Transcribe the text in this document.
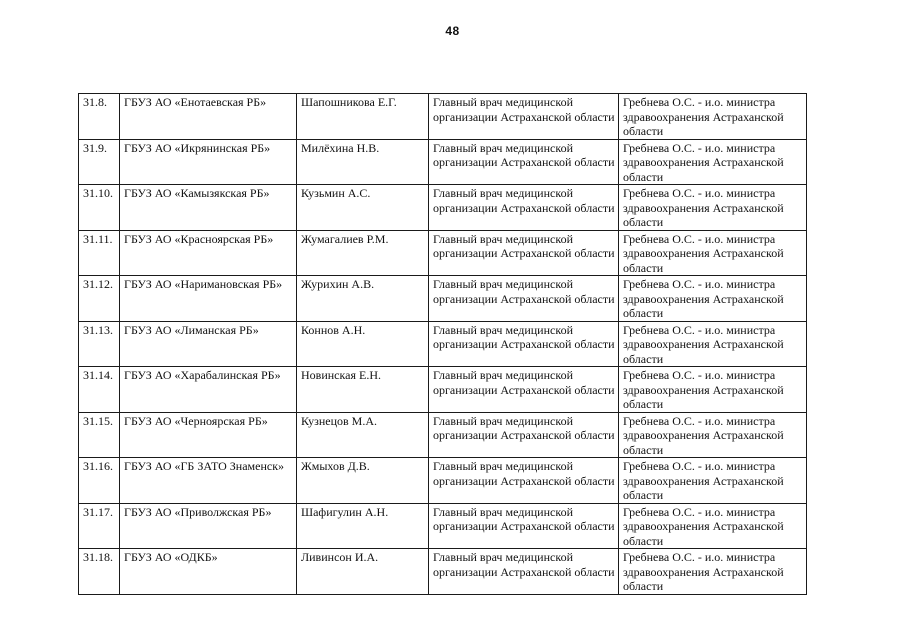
48
31.8.	ГБУЗ АО «Енотаевская РБ»	Шапошникова Е.Г.	Главный врач медицинской организации Астраханской области	Гребнева О.С. - и.о. министра здравоохранения Астраханской области
31.9.	ГБУЗ АО «Икрянинская РБ»	Милёхина Н.В.	Главный врач медицинской организации Астраханской области	Гребнева О.С. - и.о. министра здравоохранения Астраханской области
31.10.	ГБУЗ АО «Камызякская РБ»	Кузьмин А.С.	Главный врач медицинской организации Астраханской области	Гребнева О.С. - и.о. министра здравоохранения Астраханской области
31.11.	ГБУЗ АО «Красноярская РБ»	Жумагалиев Р.М.	Главный врач медицинской организации Астраханской области	Гребнева О.С. - и.о. министра здравоохранения Астраханской области
31.12.	ГБУЗ АО «Наримановская РБ»	Журихин А.В.	Главный врач медицинской организации Астраханской области	Гребнева О.С. - и.о. министра здравоохранения Астраханской области
31.13.	ГБУЗ АО «Лиманская РБ»	Коннов А.Н.	Главный врач медицинской организации Астраханской области	Гребнева О.С. - и.о. министра здравоохранения Астраханской области
31.14.	ГБУЗ АО «Харабалинская РБ»	Новинская Е.Н.	Главный врач медицинской организации Астраханской области	Гребнева О.С. - и.о. министра здравоохранения Астраханской области
31.15.	ГБУЗ АО «Черноярская РБ»	Кузнецов М.А.	Главный врач медицинской организации Астраханской области	Гребнева О.С. - и.о. министра здравоохранения Астраханской области
31.16.	ГБУЗ АО «ГБ ЗАТО Знаменск»	Жмыхов Д.В.	Главный врач медицинской организации Астраханской области	Гребнева О.С. - и.о. министра здравоохранения Астраханской области
31.17.	ГБУЗ АО «Приволжская РБ»	Шафигулин А.Н.	Главный врач медицинской организации Астраханской области	Гребнева О.С. - и.о. министра здравоохранения Астраханской области
31.18.	ГБУЗ АО «ОДКБ»	Ливинсон И.А.	Главный врач медицинской организации Астраханской области	Гребнева О.С. - и.о. министра здравоохранения Астраханской области
